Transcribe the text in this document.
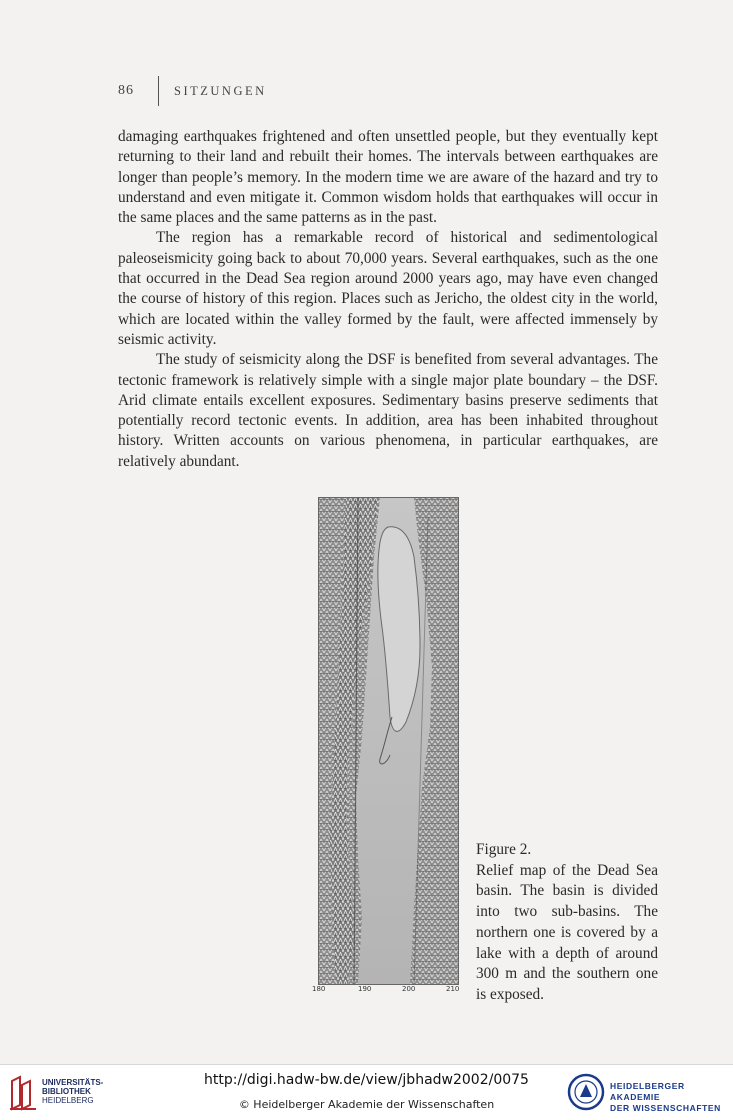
86	SITZUNGEN

damaging earthquakes frightened and often unsettled people, but they eventually kept returning to their land and rebuilt their homes. The intervals between earthquakes are longer than people’s memory. In the modern time we are aware of the hazard and try to understand and even mitigate it. Common wisdom holds that earthquakes will occur in the same places and the same patterns as in the past.

The region has a remarkable record of historical and sedimentological paleoseismicity going back to about 70,000 years. Several earthquakes, such as the one that occurred in the Dead Sea region around 2000 years ago, may have even changed the course of history of this region. Places such as Jericho, the oldest city in the world, which are located within the valley formed by the fault, were affected immensely by seismic activity.

The study of seismicity along the DSF is benefited from several advantages. The tectonic framework is relatively simple with a single major plate boundary – the DSF. Arid climate entails excellent exposures. Sedimentary basins preserve sediments that potentially record tectonic events. In addition, area has been inhabited throughout history. Written accounts on various phenomena, in particular earthquakes, are relatively abundant.

180	190	200	210
Figure 2.
Relief map of the Dead Sea basin. The basin is divided into two sub-basins. The northern one is covered by a lake with a depth of around 300 m and the southern one is exposed.
UNIVERSITÄTS-
BIBLIOTHEK
HEIDELBERG
http://digi.hadw-bw.de/view/jbhadw2002/0075
© Heidelberger Akademie der Wissenschaften
HEIDELBERGER AKADEMIE
DER WISSENSCHAFTEN
